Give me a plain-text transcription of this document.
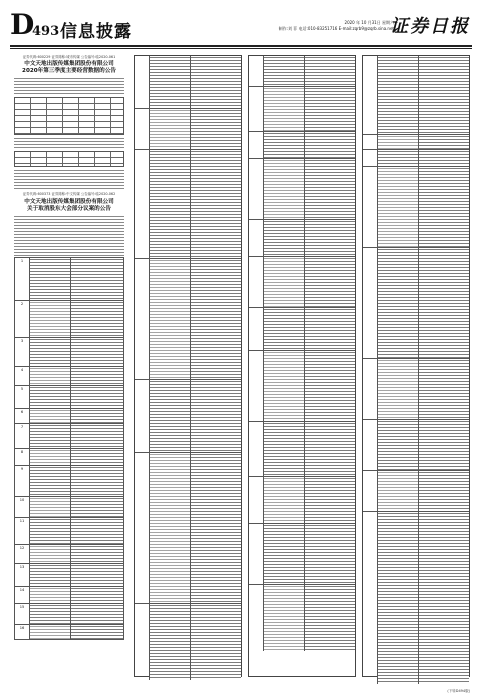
D
493 信息披露	2020 年 10 月31日 星期六
制作:刘 菲 电话:010-83251716 E-mail:zqrb9@zqrb.sina.net
证券日报
证券代码:600229 证券简称:城市传媒 公告编号:临2020-061
中文天地出版传媒集团股份有限公司
2020年第三季度主要经营数据的公告
证券代码:600373 证券简称:中文传媒 公告编号:临2020-062
中文天地出版传媒集团股份有限公司
关于取消股东大会部分议案的公告
1
2
3
4
5
6
7
8
9
10
11
12
13
14
15
16
(下转D494版)
